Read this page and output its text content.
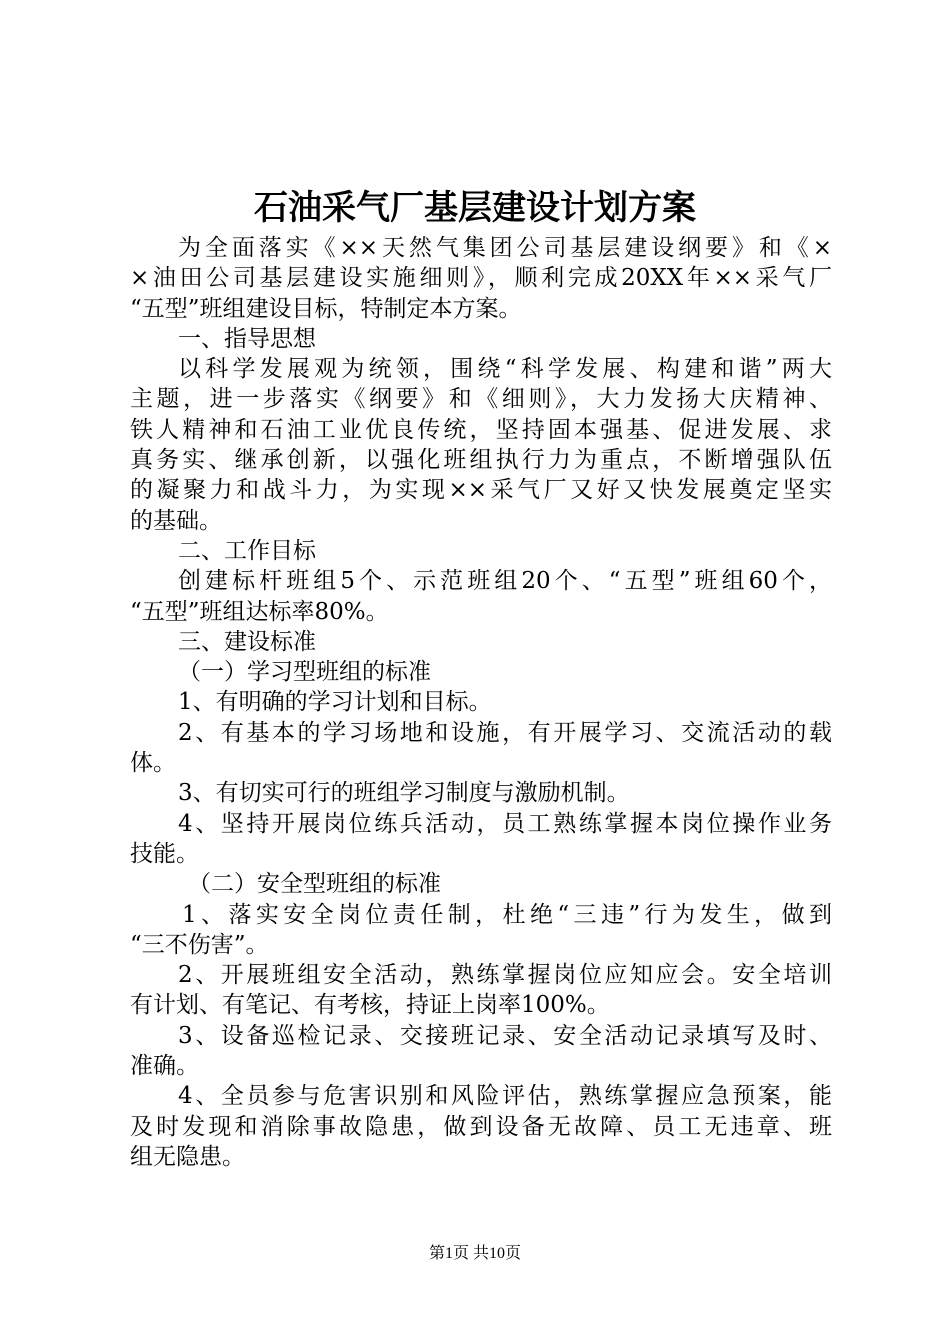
石油采气厂基层建设计划方案
为全面落实《××天然气集团公司基层建设纲要》和《×
×油田公司基层建设实施细则》，顺利完成20XX年××采气厂
“五型”班组建设目标，特制定本方案。
一、指导思想
以科学发展观为统领，围绕“科学发展、构建和谐”两大
主题，进一步落实《纲要》和《细则》，大力发扬大庆精神、
铁人精神和石油工业优良传统，坚持固本强基、促进发展、求
真务实、继承创新，以强化班组执行力为重点，不断增强队伍
的凝聚力和战斗力，为实现××采气厂又好又快发展奠定坚实
的基础。
二、工作目标
创建标杆班组5个、示范班组20个、“五型”班组60个，
“五型”班组达标率80%。
三、建设标准
（一）学习型班组的标准
1、有明确的学习计划和目标。
2、有基本的学习场地和设施，有开展学习、交流活动的载
体。
3、有切实可行的班组学习制度与激励机制。
4、坚持开展岗位练兵活动，员工熟练掌握本岗位操作业务
技能。
（二）安全型班组的标准
1、落实安全岗位责任制，杜绝“三违”行为发生，做到
“三不伤害”。
2、开展班组安全活动，熟练掌握岗位应知应会。安全培训
有计划、有笔记、有考核，持证上岗率100%。
3、设备巡检记录、交接班记录、安全活动记录填写及时、
准确。
4、全员参与危害识别和风险评估，熟练掌握应急预案，能
及时发现和消除事故隐患，做到设备无故障、员工无违章、班
组无隐患。
第1页 共10页
